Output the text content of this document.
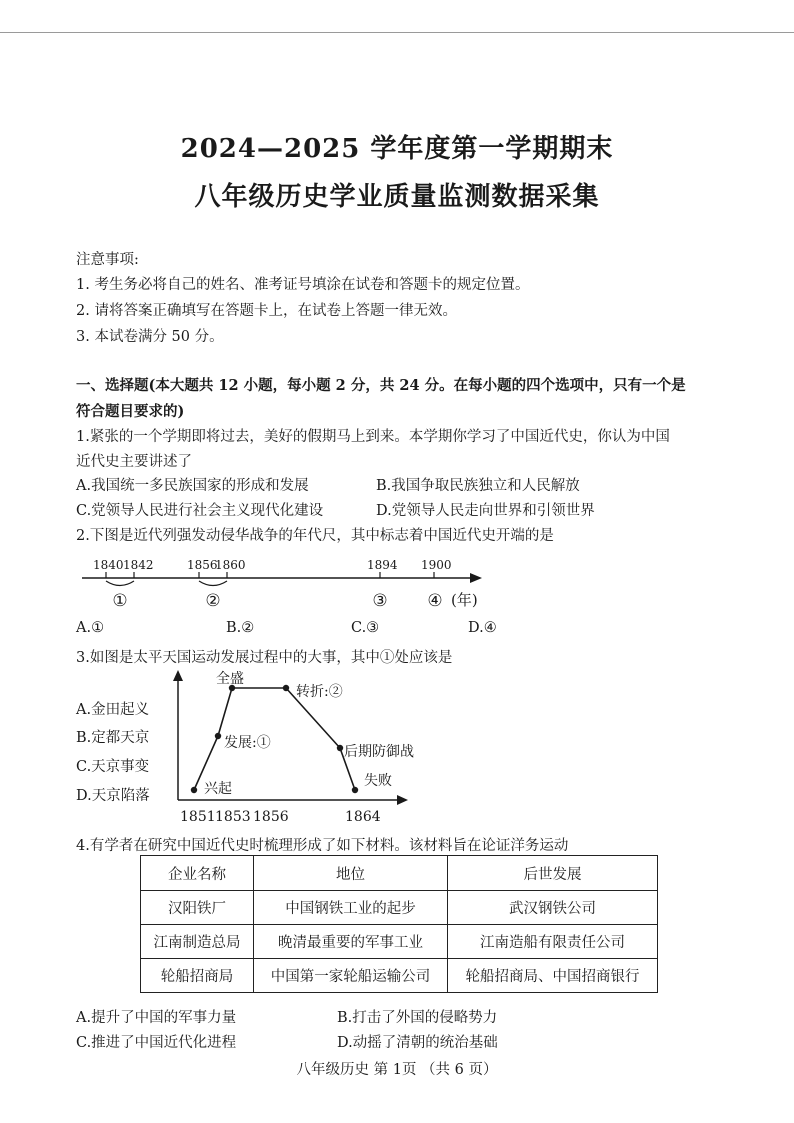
2024—2025 学年度第一学期期末
八年级历史学业质量监测数据采集
注意事项:
1. 考生务必将自己的姓名、准考证号填涂在试卷和答题卡的规定位置。
2. 请将答案正确填写在答题卡上，在试卷上答题一律无效。
3. 本试卷满分 50 分。
一、选择题(本大题共 12 小题，每小题 2 分，共 24 分。在每小题的四个选项中，只有一个是
符合题目要求的)
1.紧张的一个学期即将过去，美好的假期马上到来。本学期你学习了中国近代史，你认为中国
近代史主要讲述了
A.我国统一多民族国家的形成和发展	B.我国争取民族独立和人民解放
C.党领导人民进行社会主义现代化建设	D.党领导人民走向世界和引领世界
2.下图是近代列强发动侵华战争的年代尺，其中标志着中国近代史开端的是
1840 1842	1856
1860	1894 1900
①	②	③ ④ (年)
A.①	B.②	C.③	D.④
3.如图是太平天国运动发展过程中的大事，其中①处应该是
A.金田起义
B.定都天京
C.天京事变
D.天京陷落	兴起
发展:①
全盛
转折:②
后期防御战
失败
1851 1853 1856	1864
4.有学者在研究中国近代史时梳理形成了如下材料。该材料旨在论证洋务运动
企业名称	地位	后世发展
汉阳铁厂	中国钢铁工业的起步	武汉钢铁公司
江南制造总局	晚清最重要的军事工业	江南造船有限责任公司
轮船招商局	中国第一家轮船运输公司	轮船招商局、中国招商银行
A.提升了中国的军事力量	B.打击了外国的侵略势力
C.推进了中国近代化进程	D.动摇了清朝的统治基础
八年级历史 第 1页 （共 6 页）
